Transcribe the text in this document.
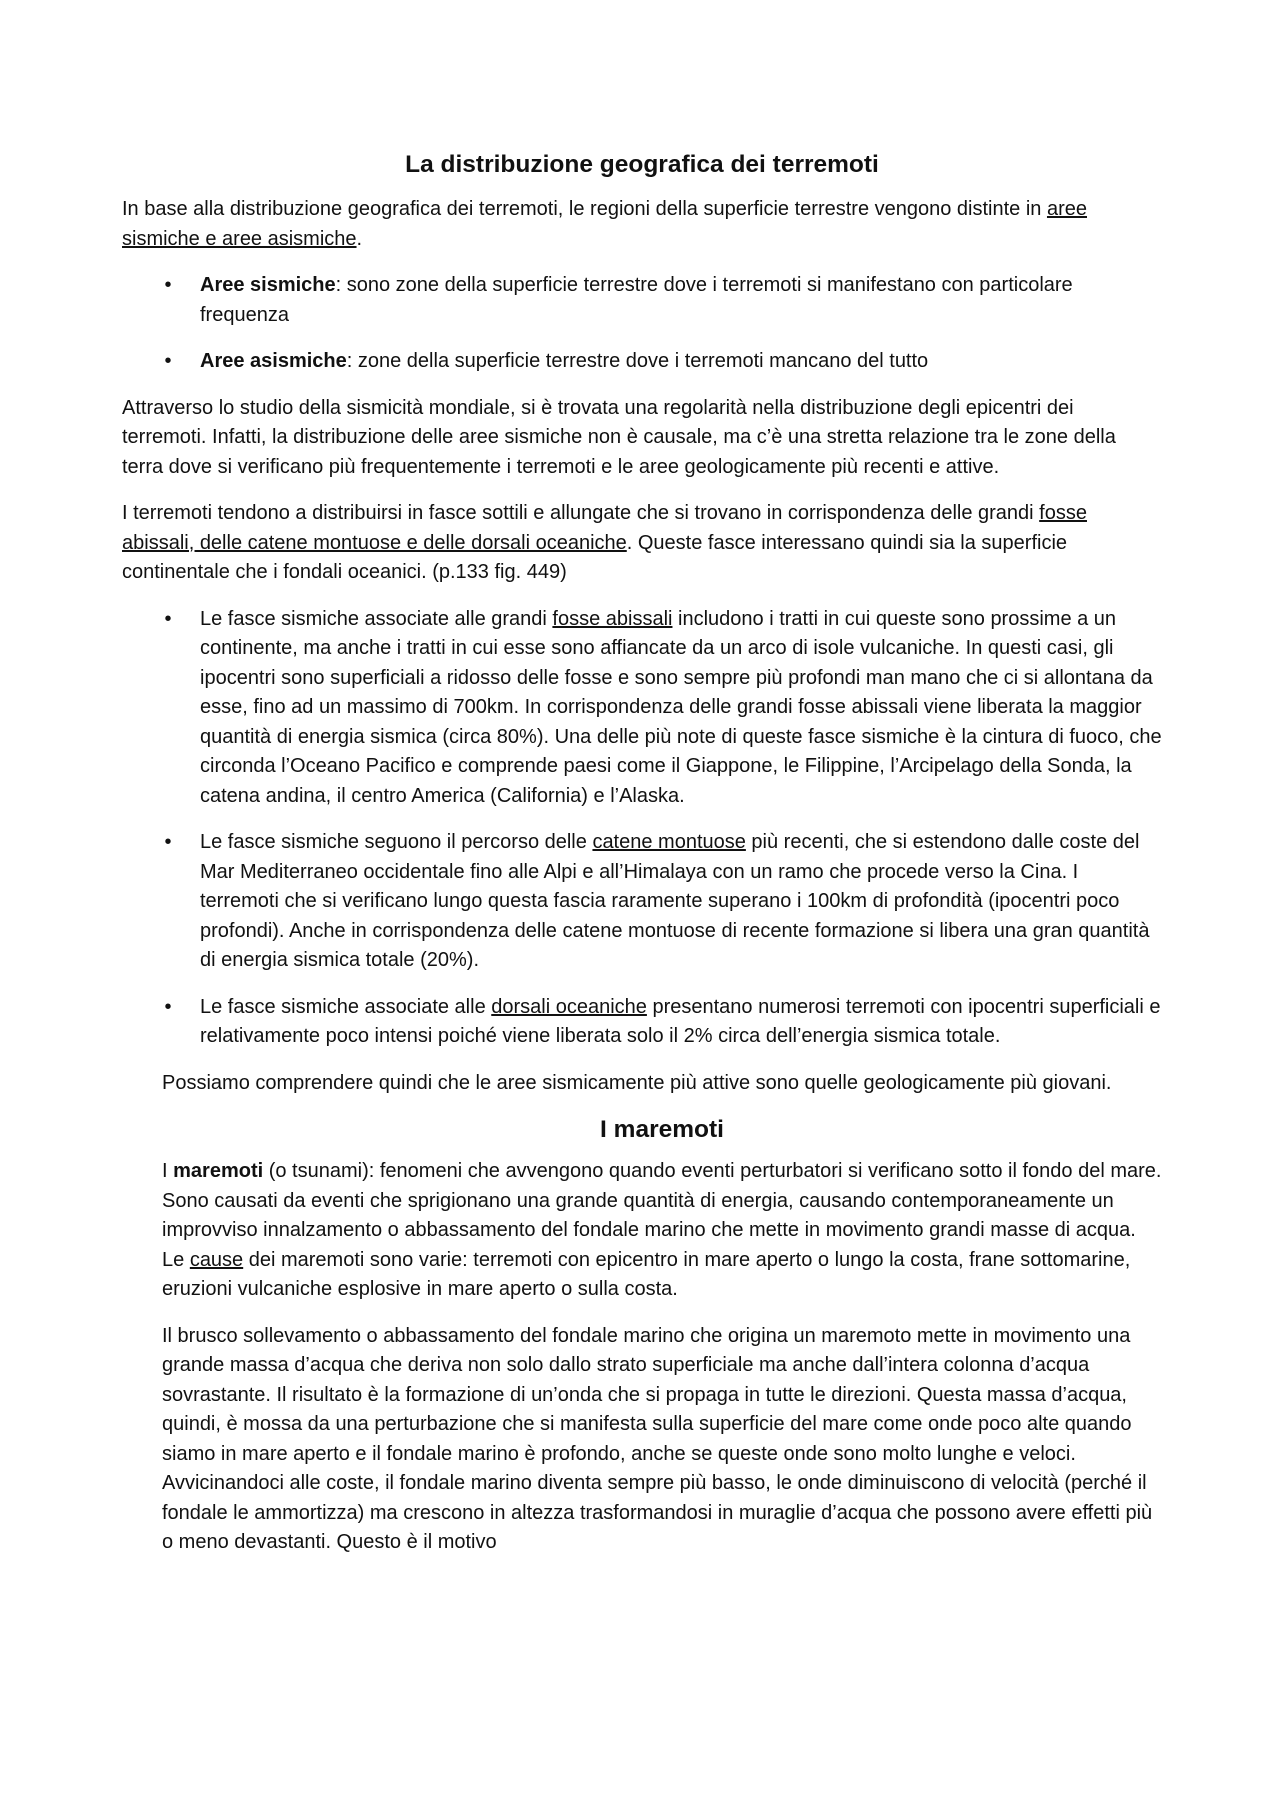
La distribuzione geografica dei terremoti

In base alla distribuzione geografica dei terremoti, le regioni della superficie terrestre vengono distinte in aree sismiche e aree asismiche.

• Aree sismiche: sono zone della superficie terrestre dove i terremoti si manifestano con particolare frequenza
• Aree asismiche: zone della superficie terrestre dove i terremoti mancano del tutto

Attraverso lo studio della sismicità mondiale, si è trovata una regolarità nella distribuzione degli epicentri dei terremoti. Infatti, la distribuzione delle aree sismiche non è causale, ma c’è una stretta relazione tra le zone della terra dove si verificano più frequentemente i terremoti e le aree geologicamente più recenti e attive.

I terremoti tendono a distribuirsi in fasce sottili e allungate che si trovano in corrispondenza delle grandi fosse abissali, delle catene montuose e delle dorsali oceaniche. Queste fasce interessano quindi sia la superficie continentale che i fondali oceanici. (p.133 fig. 449)

• Le fasce sismiche associate alle grandi fosse abissali includono i tratti in cui queste sono prossime a un continente, ma anche i tratti in cui esse sono affiancate da un arco di isole vulcaniche. In questi casi, gli ipocentri sono superficiali a ridosso delle fosse e sono sempre più profondi man mano che ci si allontana da esse, fino ad un massimo di 700km. In corrispondenza delle grandi fosse abissali viene liberata la maggior quantità di energia sismica (circa 80%). Una delle più note di queste fasce sismiche è la cintura di fuoco, che circonda l’Oceano Pacifico e comprende paesi come il Giappone, le Filippine, l’Arcipelago della Sonda, la catena andina, il centro America (California) e l’Alaska.
• Le fasce sismiche seguono il percorso delle catene montuose più recenti, che si estendono dalle coste del Mar Mediterraneo occidentale fino alle Alpi e all’Himalaya con un ramo che procede verso la Cina. I terremoti che si verificano lungo questa fascia raramente superano i 100km di profondità (ipocentri poco profondi). Anche in corrispondenza delle catene montuose di recente formazione si libera una gran quantità di energia sismica totale (20%).
• Le fasce sismiche associate alle dorsali oceaniche presentano numerosi terremoti con ipocentri superficiali e relativamente poco intensi poiché viene liberata solo il 2% circa dell’energia sismica totale.

Possiamo comprendere quindi che le aree sismicamente più attive sono quelle geologicamente più giovani.

I maremoti

I maremoti (o tsunami): fenomeni che avvengono quando eventi perturbatori si verificano sotto il fondo del mare. Sono causati da eventi che sprigionano una grande quantità di energia, causando contemporaneamente un improvviso innalzamento o abbassamento del fondale marino che mette in movimento grandi masse di acqua. Le cause dei maremoti sono varie: terremoti con epicentro in mare aperto o lungo la costa, frane sottomarine, eruzioni vulcaniche esplosive in mare aperto o sulla costa.

Il brusco sollevamento o abbassamento del fondale marino che origina un maremoto mette in movimento una grande massa d’acqua che deriva non solo dallo strato superficiale ma anche dall’intera colonna d’acqua sovrastante. Il risultato è la formazione di un’onda che si propaga in tutte le direzioni. Questa massa d’acqua, quindi, è mossa da una perturbazione che si manifesta sulla superficie del mare come onde poco alte quando siamo in mare aperto e il fondale marino è profondo, anche se queste onde sono molto lunghe e veloci. Avvicinandoci alle coste, il fondale marino diventa sempre più basso, le onde diminuiscono di velocità (perché il fondale le ammortizza) ma crescono in altezza trasformandosi in muraglie d’acqua che possono avere effetti più o meno devastanti. Questo è il motivo
